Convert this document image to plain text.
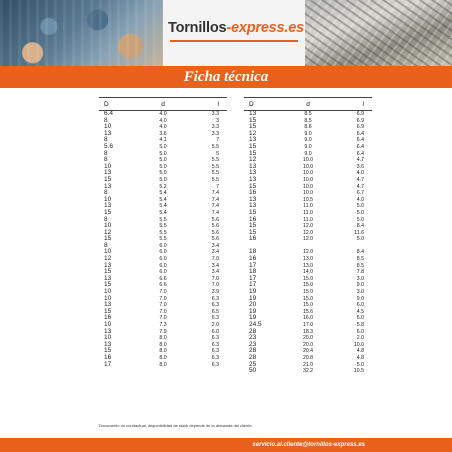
Tornillos-express.es
Ficha técnica
D	d	l
6.4	4.0	3.3
8	4.0	3
10	4.0	3.3
13	3.6	3.3
8	4.1	7
5.6	5.0	5.5
8	5.0	5
8	5.0	5.5
10	5.0	5.5
13	5.0	5.5
15	5.0	5.5
13	5.2	7
8	5.4	7.4
10	5.4	7.4
13	5.4	7.4
15	5.4	7.4
8	5.5	5.6
10	5.5	5.6
12	5.5	5.6
15	5.5	5.6
8	6.0	3.4
10	6.0	3.4
12	6.0	7.0
13	6.0	3.4
15	6.0	3.4
13	6.6	7.0
15	6.6	7.0
10	7.0	3.9
10	7.0	6.3
13	7.0	6.3
15	7.0	6.5
16	7.0	6.3
10	7.3	2.0
13	7.9	6.0
10	8.0	6.3
13	8.0	6.3
15	8.0	6.3
16	8.0	6.3
17	8.0	6.3
D	d	l
13	8.5	6.9
15	8.5	6.9
15	8.6	6.9
12	9.0	6.4
13	9.0	6.4
15	9.0	6.4
15	9.0	6.4
12	10.0	4.7
13	10.0	3.6
13	10.0	4.0
13	10.0	4.7
15	10.0	4.7
16	10.0	6.7
13	10.5	4.0
13	11.0	5.0
15	11.0	5.0
16	11.0	5.0
15	12.0	8.4
15	12.0	11.6
16	12.0	5.0
18	12.0	8.4
16	13.0	8.5
17	13.0	8.5
18	14.0	7.8
17	15.0	3.0
17	15.0	9.0
19	15.0	3.0
19	15.0	9.0
20	15.0	6.0
19	15.6	4.5
19	16.0	6.0
24.5	17.0	5.8
28	18.3	6.0
23	20.0	2.0
23	20.0	10.0
28	20.4	4.8
28	20.8	4.8
25	21.0	5.0
50	32.2	10.5
Documento no contractual, disponibilidad de stock depende de la demanda del cliente.
servicio.al.cliente@tornillos-express.es
